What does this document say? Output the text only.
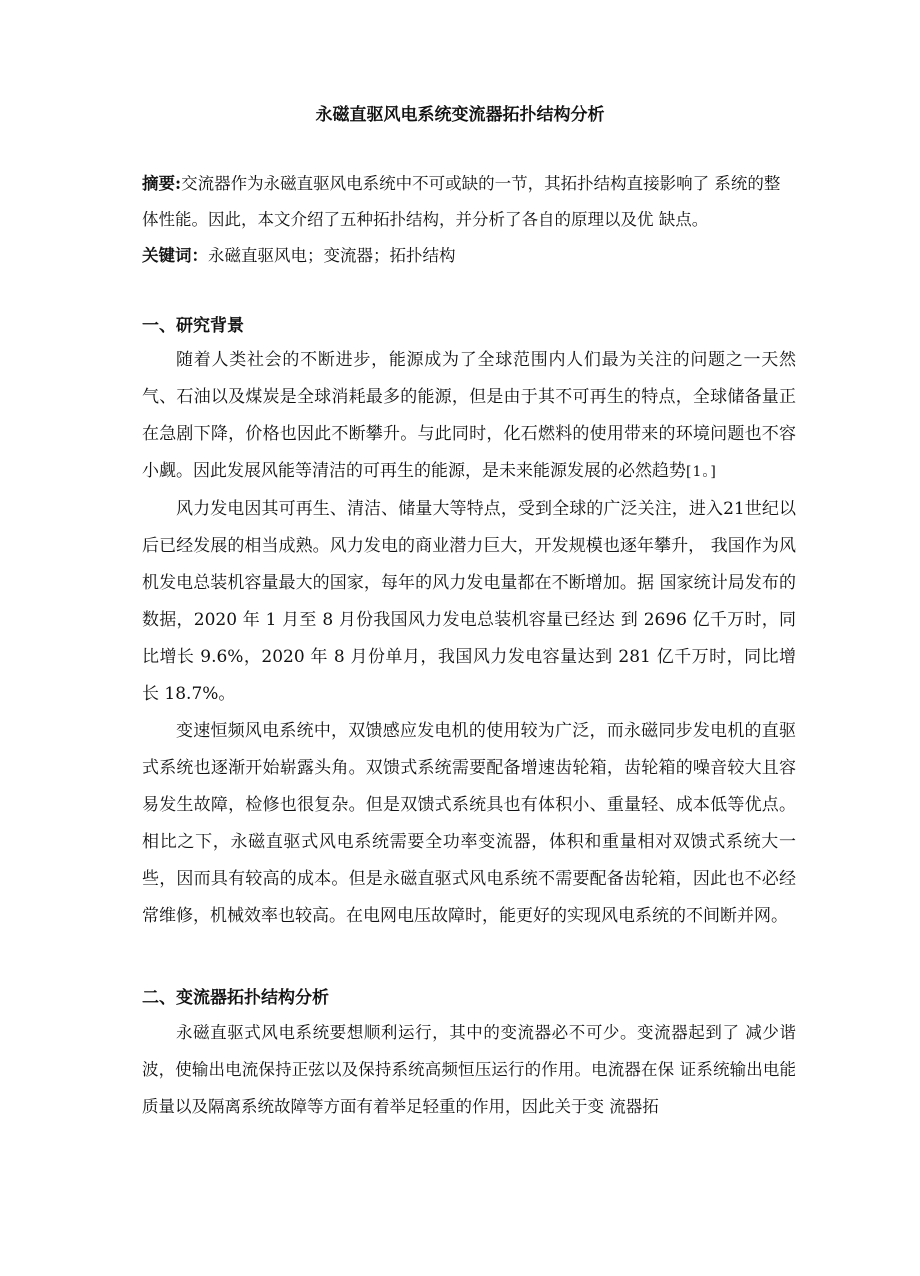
永磁直驱风电系统变流器拓扑结构分析

摘要:交流器作为永磁直驱风电系统中不可或缺的一节，其拓扑结构直接影响了 系统的整体性能。因此，本文介绍了五种拓扑结构，并分析了各自的原理以及优 缺点。

关键词：永磁直驱风电；变流器；拓扑结构

一、研究背景

随着人类社会的不断进步，能源成为了全球范围内人们最为关注的问题之一天然气、石油以及煤炭是全球消耗最多的能源，但是由于其不可再生的特点，全球储备量正在急剧下降，价格也因此不断攀升。与此同时，化石燃料的使用带来的环境问题也不容小觑。因此发展风能等清洁的可再生的能源，是未来能源发展的必然趋势[1。]

风力发电因其可再生、清洁、储量大等特点，受到全球的广泛关注，进入21世纪以后已经发展的相当成熟。风力发电的商业潜力巨大，开发规模也逐年攀升， 我国作为风机发电总装机容量最大的国家，每年的风力发电量都在不断增加。据 国家统计局发布的数据，2020 年 1 月至 8 月份我国风力发电总装机容量已经达 到 2696 亿千万时，同比增长 9.6%，2020 年 8 月份单月，我国风力发电容量达到 281 亿千万时，同比增长 18.7%。

变速恒频风电系统中，双馈感应发电机的使用较为广泛，而永磁同步发电机的直驱式系统也逐渐开始崭露头角。双馈式系统需要配备增速齿轮箱，齿轮箱的噪音较大且容易发生故障，检修也很复杂。但是双馈式系统具也有体积小、重量轻、成本低等优点。相比之下，永磁直驱式风电系统需要全功率变流器，体积和重量相对双馈式系统大一些，因而具有较高的成本。但是永磁直驱式风电系统不需要配备齿轮箱，因此也不必经常维修，机械效率也较高。在电网电压故障时，能更好的实现风电系统的不间断并网。

二、变流器拓扑结构分析

永磁直驱式风电系统要想顺利运行，其中的变流器必不可少。变流器起到了 减少谐波，使输出电流保持正弦以及保持系统高频恒压运行的作用。电流器在保 证系统输出电能质量以及隔离系统故障等方面有着举足轻重的作用，因此关于变 流器拓
